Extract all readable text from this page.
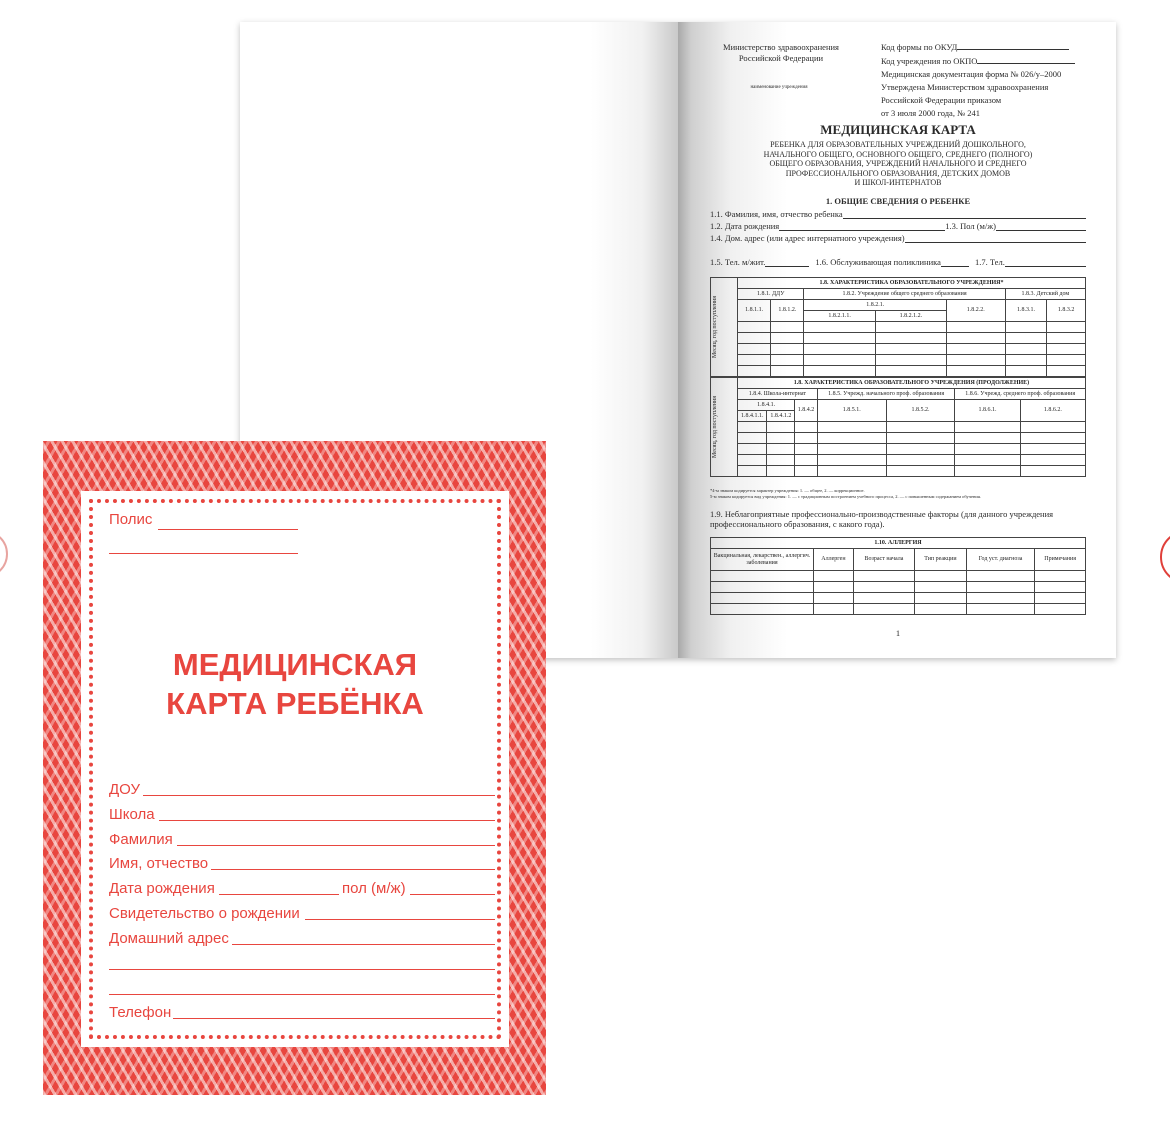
Министерство здравоохранения
Российской Федерации
наименование учреждения
Код формы по ОКУД
Код учреждения по ОКПО
Медицинская документация форма № 026/у–2000
Утверждена Министерством здравоохранения
Российской Федерации приказом
от 3 июля 2000 года, № 241
МЕДИЦИНСКАЯ КАРТА
РЕБЕНКА ДЛЯ ОБРАЗОВАТЕЛЬНЫХ УЧРЕЖДЕНИЙ ДОШКОЛЬНОГО,
НАЧАЛЬНОГО ОБЩЕГО, ОСНОВНОГО ОБЩЕГО, СРЕДНЕГО (ПОЛНОГО)
ОБЩЕГО ОБРАЗОВАНИЯ, УЧРЕЖДЕНИЙ НАЧАЛЬНОГО И СРЕДНЕГО
ПРОФЕССИОНАЛЬНОГО ОБРАЗОВАНИЯ, ДЕТСКИХ ДОМОВ
И ШКОЛ-ИНТЕРНАТОВ
1. ОБЩИЕ СВЕДЕНИЯ О РЕБЕНКЕ
1.1. Фамилия, имя, отчество ребенка
1.2. Дата рождения	1.3. Пол (м/ж)
1.4. Дом. адрес (или адрес интернатного учреждения)
1.5. Тел. м/жит.	1.6. Обслуживающая поликлиника	1.7. Тел.
Месяц, год поступления	1.8. ХАРАКТЕРИСТИКА ОБРАЗОВАТЕЛЬНОГО УЧРЕЖДЕНИЯ*						
	1.8.1. ДДУ		1.8.2. Учреждение общего среднего образования			1.8.3. Детский дом	
	1.8.1.1.	1.8.1.2.	1.8.2.1.		1.8.2.2.	1.8.3.1.	1.8.3.2
			1.8.2.1.1.	1.8.2.1.2.			

Месяц, год поступления	1.8. ХАРАКТЕРИСТИКА ОБРАЗОВАТЕЛЬНОГО УЧРЕЖДЕНИЯ (ПРОДОЛЖЕНИЕ)						
	1.8.4. Школа-интернат			1.8.5. Учрежд. начального проф. образования		1.8.6. Учрежд. среднего проф. образования	
	1.8.4.1.		1.8.4.2	1.8.5.1.	1.8.5.2.	1.8.6.1.	1.8.6.2.
	1.8.4.1.1.	1.8.4.1.2					

*4-м знаком кодируется характер учреждения: 1. — общее, 2. — коррекционное.
5-м знаком кодируется вид учреждения: 1. — с традиционным построением учебного процесса, 2. — с повышенным содержанием обучения.
1.9. Неблагоприятные профессионально-производственные факторы (для данного учреждения профессионального образования, с какого года).
1.10. АЛЛЕРГИЯ					
Вакцинальная, лекарствен., аллергич. заболевания	Аллерген	Возраст начала	Тип реакции	Год уст. диагноза	Примечания

1
Полис
МЕДИЦИНСКАЯ
КАРТА РЕБЁНКА
ДОУ
Школа
Фамилия
Имя, отчество
Дата рождения	пол (м/ж)
Свидетельство о рождении
Домашний адрес
Телефон
